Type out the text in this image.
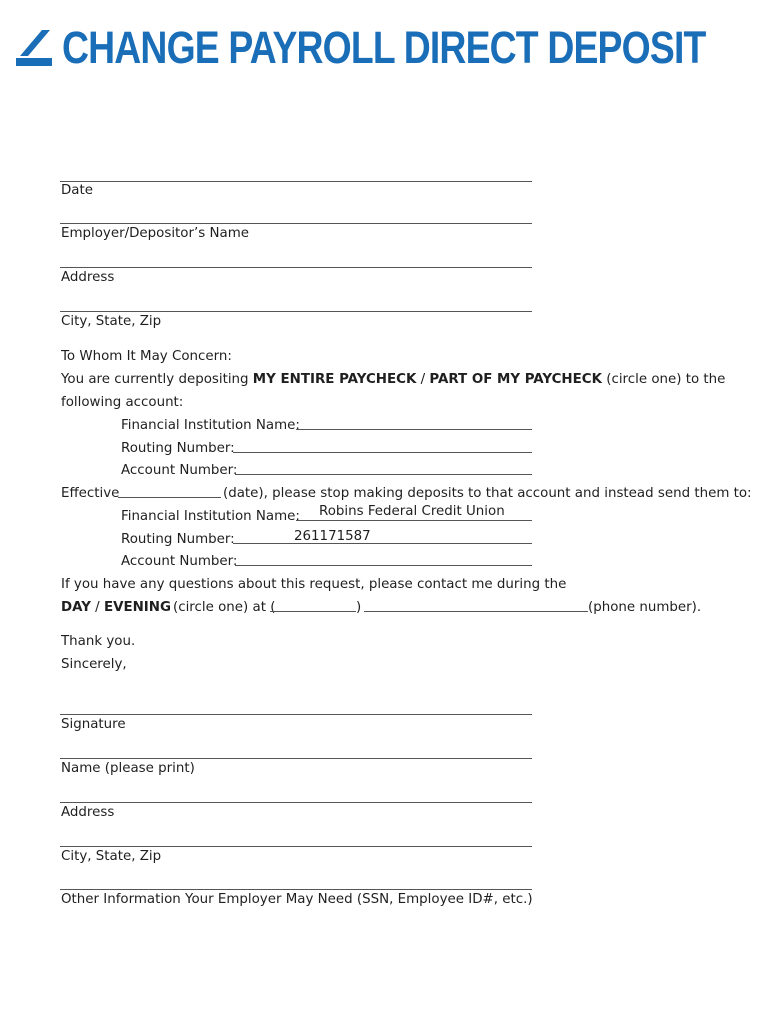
CHANGE PAYROLL DIRECT DEPOSIT
Date
Employer/Depositor’s Name
Address
City, State, Zip
To Whom It May Concern:
You are currently depositing MY ENTIRE PAYCHECK / PART OF MY PAYCHECK (circle one) to the
following account:
Financial Institution Name:
Routing Number:
Account Number:
Effective	(date), please stop making deposits to that account and instead send them to:
Financial Institution Name: Robins Federal Credit Union
Routing Number:	261171587
Account Number:
If you have any questions about this request, please contact me during the
DAY / EVENING (circle one) at (	)	(phone number).
Thank you.
Sincerely,
Signature
Name (please print)
Address
City, State, Zip
Other Information Your Employer May Need (SSN, Employee ID#, etc.)
